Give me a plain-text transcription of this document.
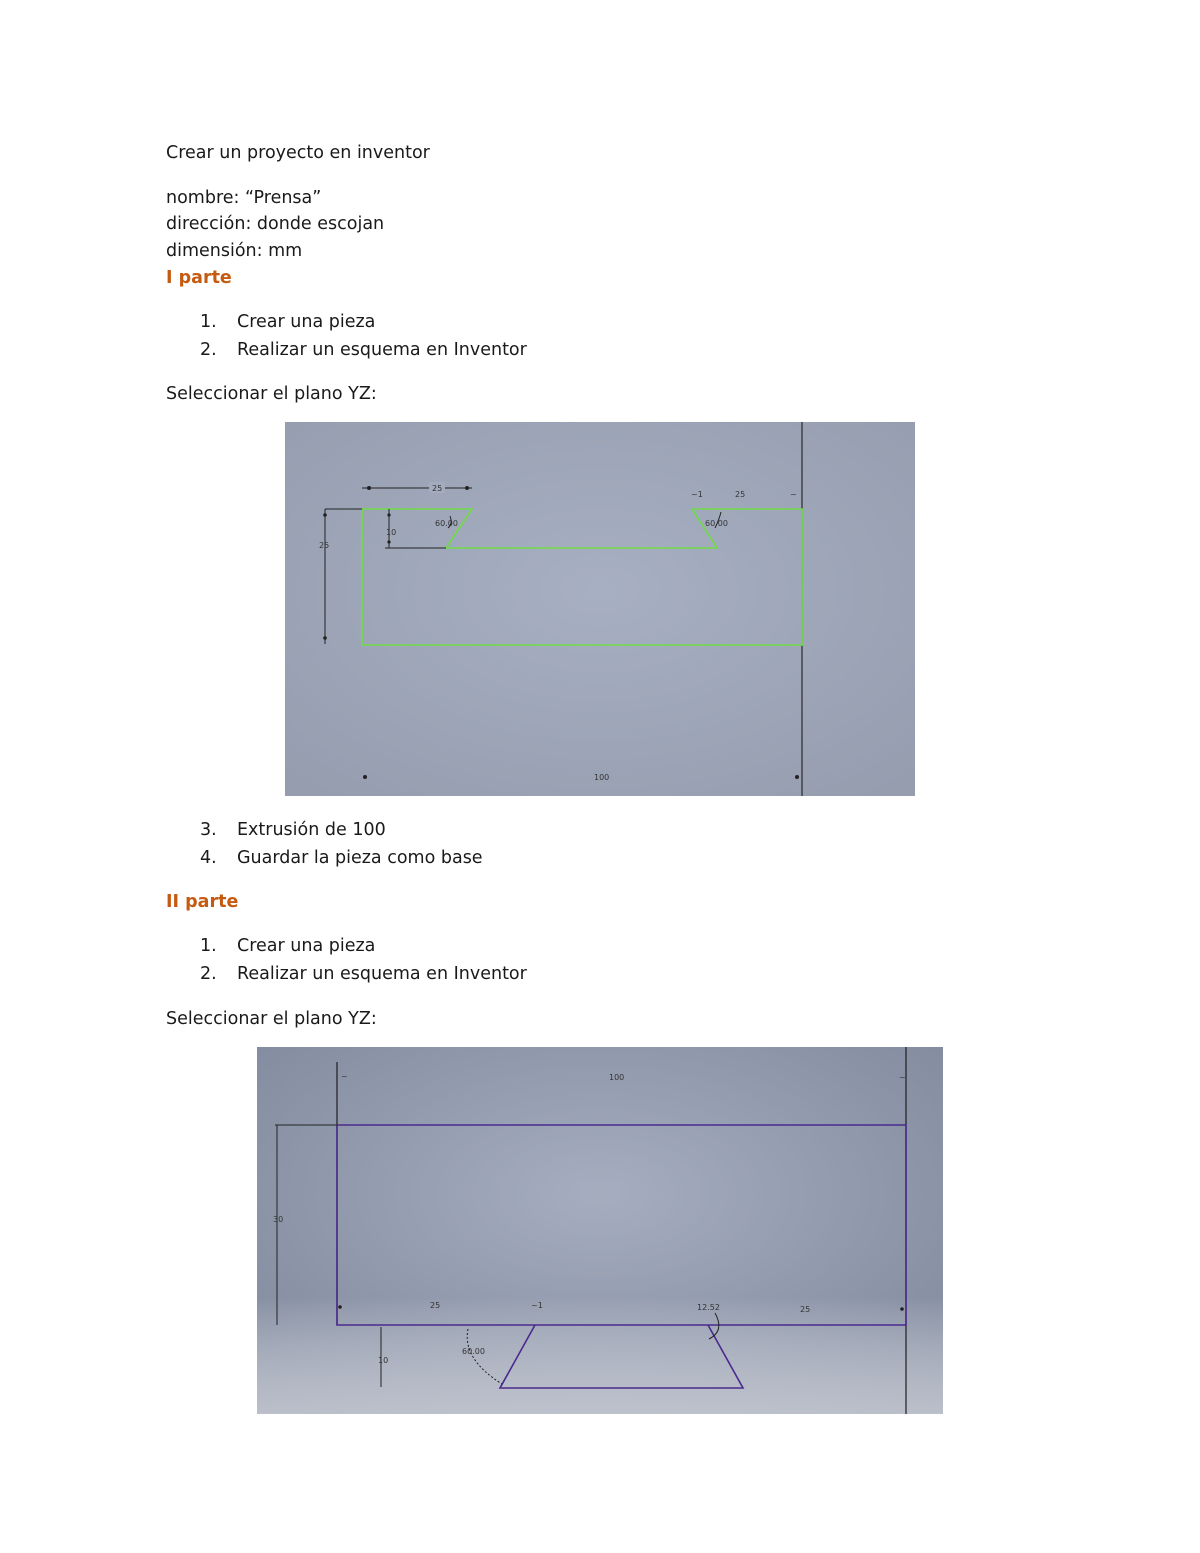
Crear un proyecto en inventor

nombre: “Prensa”

dirección: donde escojan

dimensión: mm

I parte

1.	Crear una pieza
2.	Realizar un esquema en Inventor

Seleccionar el plano YZ:

25
~1	25	~
25
10
60.00	60.00
100
3.	Extrusión de 100
4.	Guardar la pieza como base

II parte

1.	Crear una pieza
2.	Realizar un esquema en Inventor

Seleccionar el plano YZ:

~	100	~
30
25	~1	12.52	25
10
60.00
